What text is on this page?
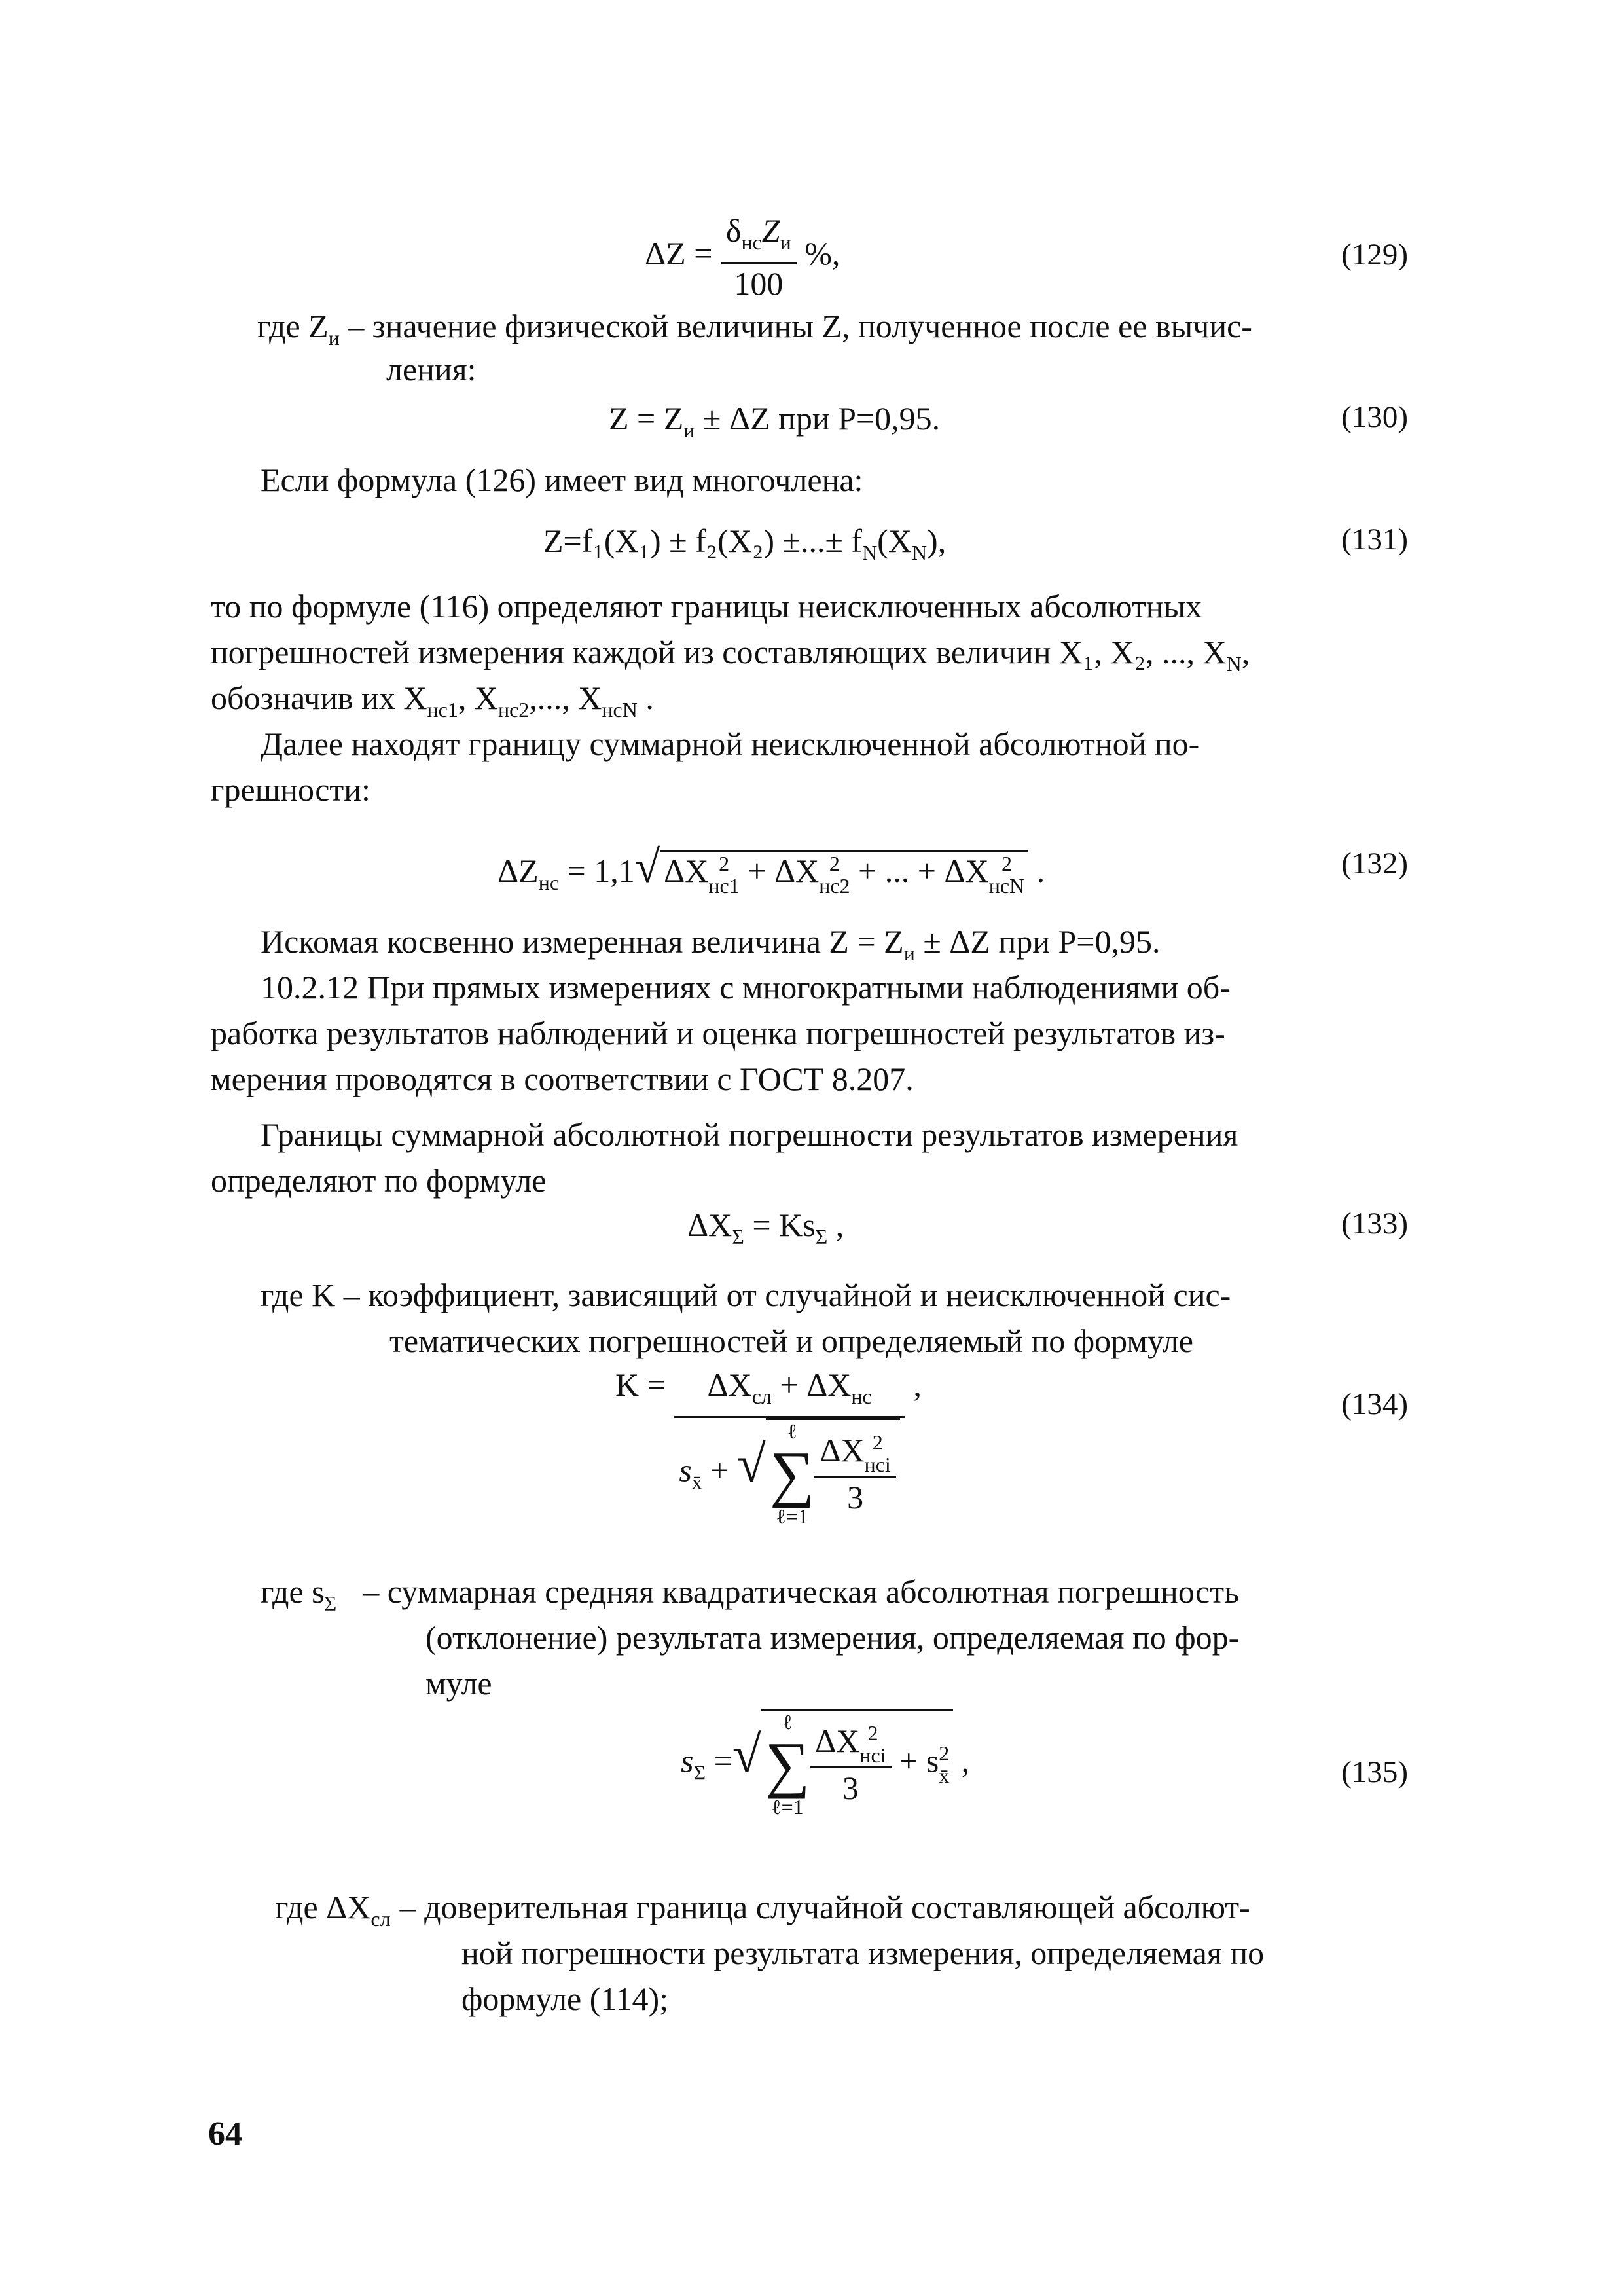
$\Delta Z = \frac{\delta_{нс}Z_и}{100}$ %,	(129)
где $Z_и$ – значение физической величины Z, полученное после ее вычис-
ления:
$Z = Z_и \pm \Delta Z$ при P=0,95.	(130)
Если формула (126) имеет вид многочлена:
Z=f₁(X₁) ± f₂(X₂) ±...± $f_N(X_N)$,	(131)
то по формуле (116) определяют границы неисключенных абсолютных
погрешностей измерения каждой из составляющих величин X₁, X₂, ..., $X_N$,
обозначив их $X_{нс1}$, $X_{нс2}$,..., $X_{нсN}$ .
Далее находят границу суммарной неисключенной абсолютной по-
грешности:
$\Delta Z_{нс} = 1,1√$ ΔX 2
нс1 + ΔX 2
нс2 + ... + ΔX 2
нсN .	(132)
Искомая косвенно измеренная величина $Z = Z_и \pm \Delta Z$ при P=0,95.
10.2.12 При прямых измерениях с многократными наблюдениями об-
работка результатов наблюдений и оценка погрешностей результатов из-
мерения проводятся в соответствии с ГОСТ 8.207.
Границы суммарной абсолютной погрешности результатов измерения
определяют по формуле
$\Delta X_\Sigma = Ks_\Sigma$ ,	(133)
где K – коэффициент, зависящий от случайной и неисключенной сис-
тематических погрешностей и определяемый по формуле
$K = \Delta X_{сл} + \Delta X_{нс}$
$s_{x̄}$ + √
ℓ
∑
ℓ=1 ΔX 2
нсi
3 ,
(134)
где $s_\Sigma$ – суммарная средняя квадратическая абсолютная погрешность
(отклонение) результата измерения, определяемая по фор-
муле
$s_\Sigma$ =√
ℓ
∑
ℓ=1 ΔX 2
нсi
3 + s 2
x̄ ,	(135)
где $\Delta X_{сл}$ – доверительная граница случайной составляющей абсолют-
ной погрешности результата измерения, определяемая по
формуле (114);
64
